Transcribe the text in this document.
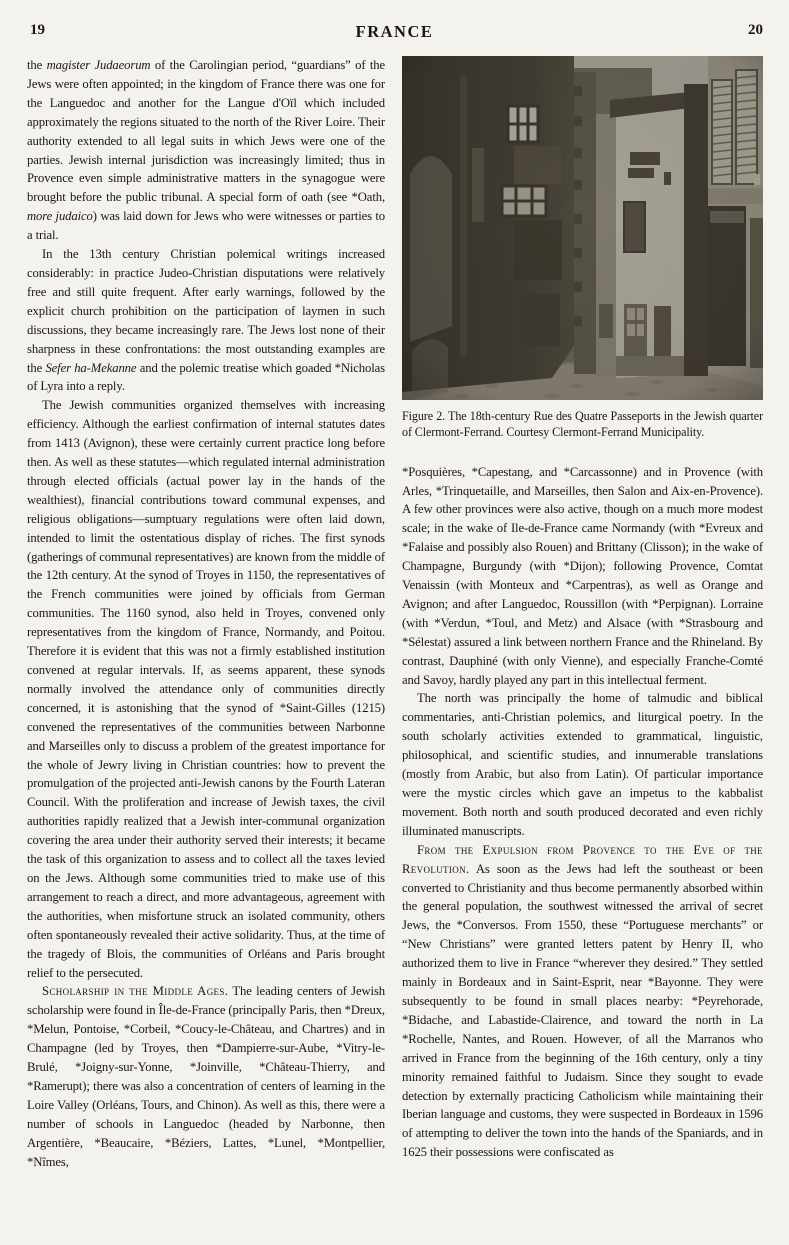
19	FRANCE	20

the magister Judaeorum of the Carolingian period, “guardians” of the Jews were often appointed; in the kingdom of France there was one for the Languedoc and another for the Langue d'Oïl which included approximately the regions situated to the north of the River Loire. Their authority extended to all legal suits in which Jews were one of the parties. Jewish internal jurisdiction was increasingly limited; thus in Provence even simple administrative matters in the synagogue were brought before the public tribunal. A special form of oath (see *Oath, more judaico) was laid down for Jews who were witnesses or parties to a trial.

In the 13th century Christian polemical writings increased considerably: in practice Judeo-Christian disputations were relatively free and still quite frequent. After early warnings, followed by the explicit church prohibition on the participation of laymen in such discussions, they became increasingly rare. The Jews lost none of their sharpness in these confrontations: the most outstanding examples are the Sefer ha-Mekanne and the polemic treatise which goaded *Nicholas of Lyra into a reply.

The Jewish communities organized themselves with increasing efficiency. Although the earliest confirmation of internal statutes dates from 1413 (Avignon), these were certainly current practice long before then. As well as these statutes—which regulated internal administration through elected officials (actual power lay in the hands of the wealthiest), financial contributions toward communal expenses, and religious obligations—sumptuary regulations were often laid down, intended to limit the ostentatious display of riches. The first synods (gatherings of communal representatives) are known from the middle of the 12th century. At the synod of Troyes in 1150, the representatives of the French communities were joined by officials from German communities. The 1160 synod, also held in Troyes, convened only representatives from the kingdom of France, Normandy, and Poitou. Therefore it is evident that this was not a firmly established institution convened at regular intervals. If, as seems apparent, these synods normally involved the attendance only of communities directly concerned, it is astonishing that the synod of *Saint-Gilles (1215) convened the representatives of the communities between Narbonne and Marseilles only to discuss a problem of the greatest importance for the whole of Jewry living in Christian countries: how to prevent the promulgation of the projected anti-Jewish canons by the Fourth Lateran Council. With the proliferation and increase of Jewish taxes, the civil authorities rapidly realized that a Jewish inter-communal organization covering the area under their authority served their interests; it became the task of this organization to assess and to collect all the taxes levied on the Jews. Although some communities tried to make use of this arrangement to reach a direct, and more advantageous, agreement with the authorities, when misfortune struck an isolated community, others often spontaneously revealed their active solidarity. Thus, at the time of the tragedy of Blois, the communities of Orléans and Paris brought relief to the persecuted.

Scholarship in the Middle Ages. The leading centers of Jewish scholarship were found in Île-de-France (principally Paris, then *Dreux, *Melun, Pontoise, *Corbeil, *Coucy-le-Château, and Chartres) and in Champagne (led by Troyes, then *Dampierre-sur-Aube, *Vitry-le-Brulé, *Joigny-sur-Yonne, *Joinville, *Château-Thierry, and *Ramerupt); there was also a concentration of centers of learning in the Loire Valley (Orléans, Tours, and Chinon). As well as this, there were a number of schools in Languedoc (headed by Narbonne, then Argentière, *Beaucaire, *Béziers, Lattes, *Lunel, *Montpellier, *Nîmes,

Figure 2. The 18th-century Rue des Quatre Passeports in the Jewish quarter of Clermont-Ferrand. Courtesy Clermont-Ferrand Municipality.

*Posquières, *Capestang, and *Carcassonne) and in Provence (with Arles, *Trinquetaille, and Marseilles, then Salon and Aix-en-Provence). A few other provinces were also active, though on a much more modest scale; in the wake of Ile-de-France came Normandy (with *Evreux and *Falaise and possibly also Rouen) and Brittany (Clisson); in the wake of Champagne, Burgundy (with *Dijon); following Provence, Comtat Venaissin (with Monteux and *Carpentras), as well as Orange and Avignon; and after Languedoc, Roussillon (with *Perpignan). Lorraine (with *Verdun, *Toul, and Metz) and Alsace (with *Strasbourg and *Sélestat) assured a link between northern France and the Rhineland. By contrast, Dauphiné (with only Vienne), and especially Franche-Comté and Savoy, hardly played any part in this intellectual ferment.

The north was principally the home of talmudic and biblical commentaries, anti-Christian polemics, and liturgical poetry. In the south scholarly activities extended to grammatical, linguistic, philosophical, and scientific studies, and innumerable translations (mostly from Arabic, but also from Latin). Of particular importance were the mystic circles which gave an impetus to the kabbalist movement. Both north and south produced decorated and even richly illuminated manuscripts.

From the Expulsion from Provence to the Eve of the Revolution. As soon as the Jews had left the southeast or been converted to Christianity and thus become permanently absorbed within the general population, the southwest witnessed the arrival of secret Jews, the *Conversos. From 1550, these “Portuguese merchants” or “New Christians” were granted letters patent by Henry II, who authorized them to live in France “wherever they desired.” They settled mainly in Bordeaux and in Saint-Esprit, near *Bayonne. They were subsequently to be found in small places nearby: *Peyrehorade, *Bidache, and Labastide-Clairence, and toward the north in La *Rochelle, Nantes, and Rouen. However, of all the Marranos who arrived in France from the beginning of the 16th century, only a tiny minority remained faithful to Judaism. Since they sought to evade detection by externally practicing Catholicism while maintaining their Iberian language and customs, they were suspected in Bordeaux in 1596 of attempting to deliver the town into the hands of the Spaniards, and in 1625 their possessions were confiscated as
